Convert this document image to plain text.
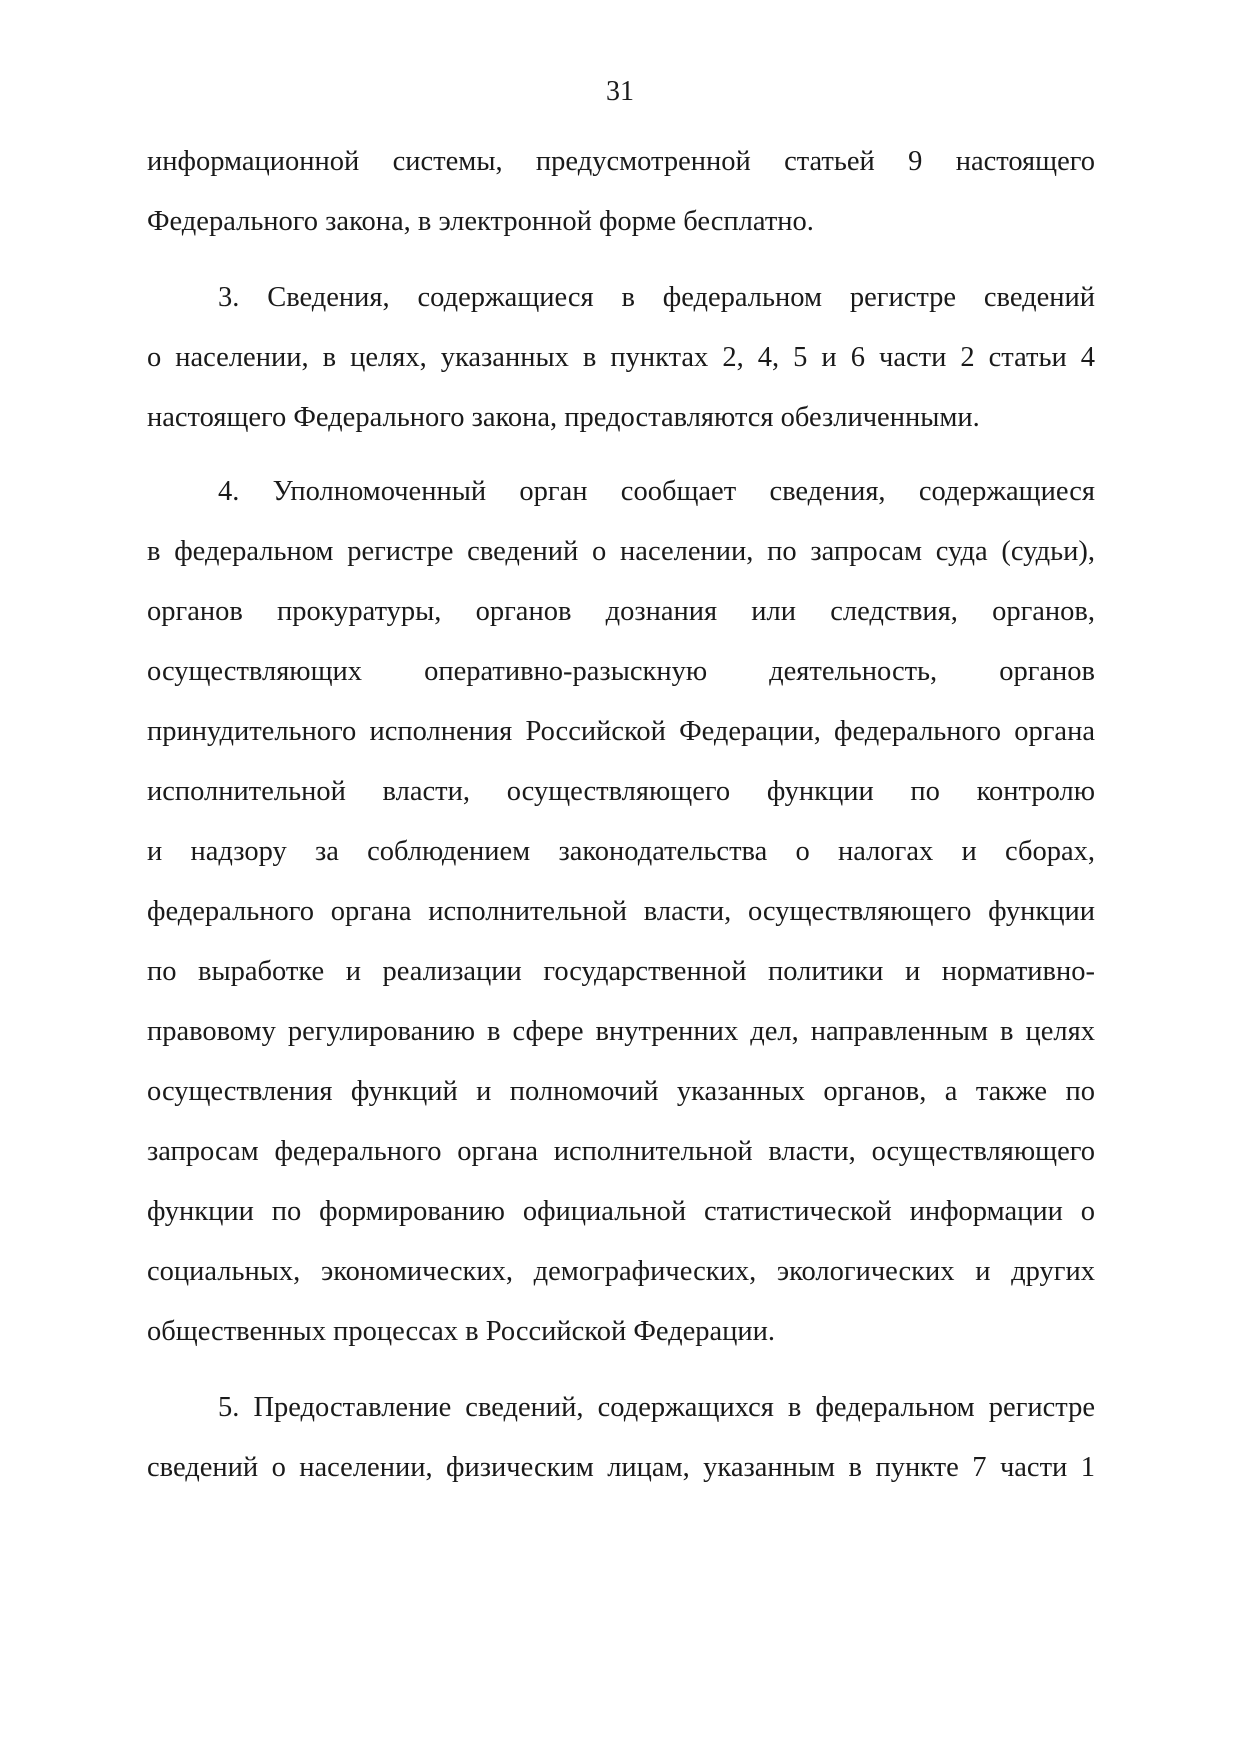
31
информационной системы, предусмотренной статьей 9 настоящего
Федерального закона, в электронной форме бесплатно.
3. Сведения, содержащиеся в федеральном регистре сведений
о населении, в целях, указанных в пунктах 2, 4, 5 и 6 части 2 статьи 4
настоящего Федерального закона, предоставляются обезличенными.
4. Уполномоченный орган сообщает сведения, содержащиеся
в федеральном регистре сведений о населении, по запросам суда (судьи),
органов прокуратуры, органов дознания или следствия, органов,
осуществляющих оперативно-разыскную деятельность, органов
принудительного исполнения Российской Федерации, федерального органа
исполнительной власти, осуществляющего функции по контролю
и надзору за соблюдением законодательства о налогах и сборах,
федерального органа исполнительной власти, осуществляющего функции
по выработке и реализации государственной политики и нормативно-
правовому регулированию в сфере внутренних дел, направленным в целях
осуществления функций и полномочий указанных органов, а также по
запросам федерального органа исполнительной власти, осуществляющего
функции по формированию официальной статистической информации о
социальных, экономических, демографических, экологических и других
общественных процессах в Российской Федерации.
5. Предоставление сведений, содержащихся в федеральном регистре
сведений о населении, физическим лицам, указанным в пункте 7 части 1
